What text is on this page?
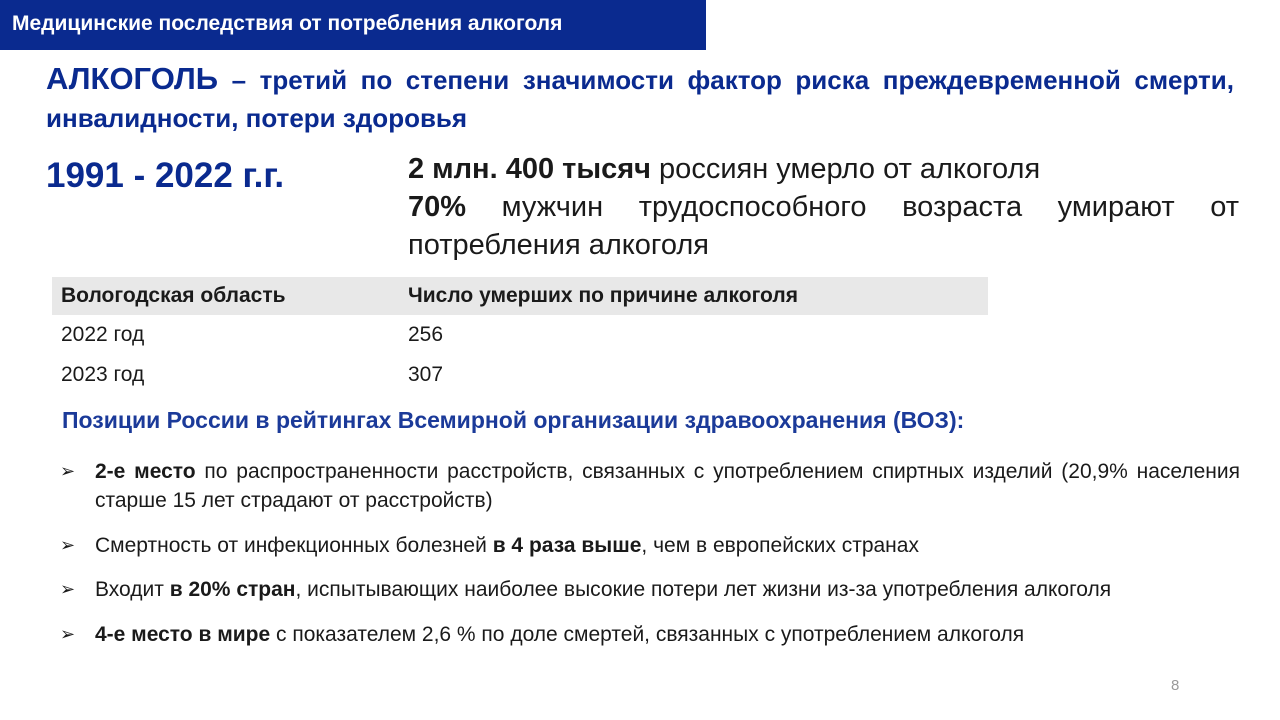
Медицинские последствия от потребления алкоголя
АЛКОГОЛЬ – третий по степени значимости фактор риска преждевременной смерти, инвалидности, потери здоровья
1991 - 2022 г.г.	2 млн. 400 тысяч россиян умерло от алкоголя

70% мужчин трудоспособного возраста умирают от потребления алкоголя

Вологодская область	Число умерших по причине алкоголя
2022 год	256
2023 год	307
Позиции России в рейтингах Всемирной организации здравоохранения (ВОЗ):
➢ 2-е место по распространенности расстройств, связанных с употреблением спиртных изделий (20,9% населения старше 15 лет страдают от расстройств)
➢ Смертность от инфекционных болезней в 4 раза выше, чем в европейских странах
➢ Входит в 20% стран, испытывающих наиболее высокие потери лет жизни из-за употребления алкоголя
➢ 4-е место в мире с показателем 2,6 % по доле смертей, связанных с употреблением алкоголя
8
